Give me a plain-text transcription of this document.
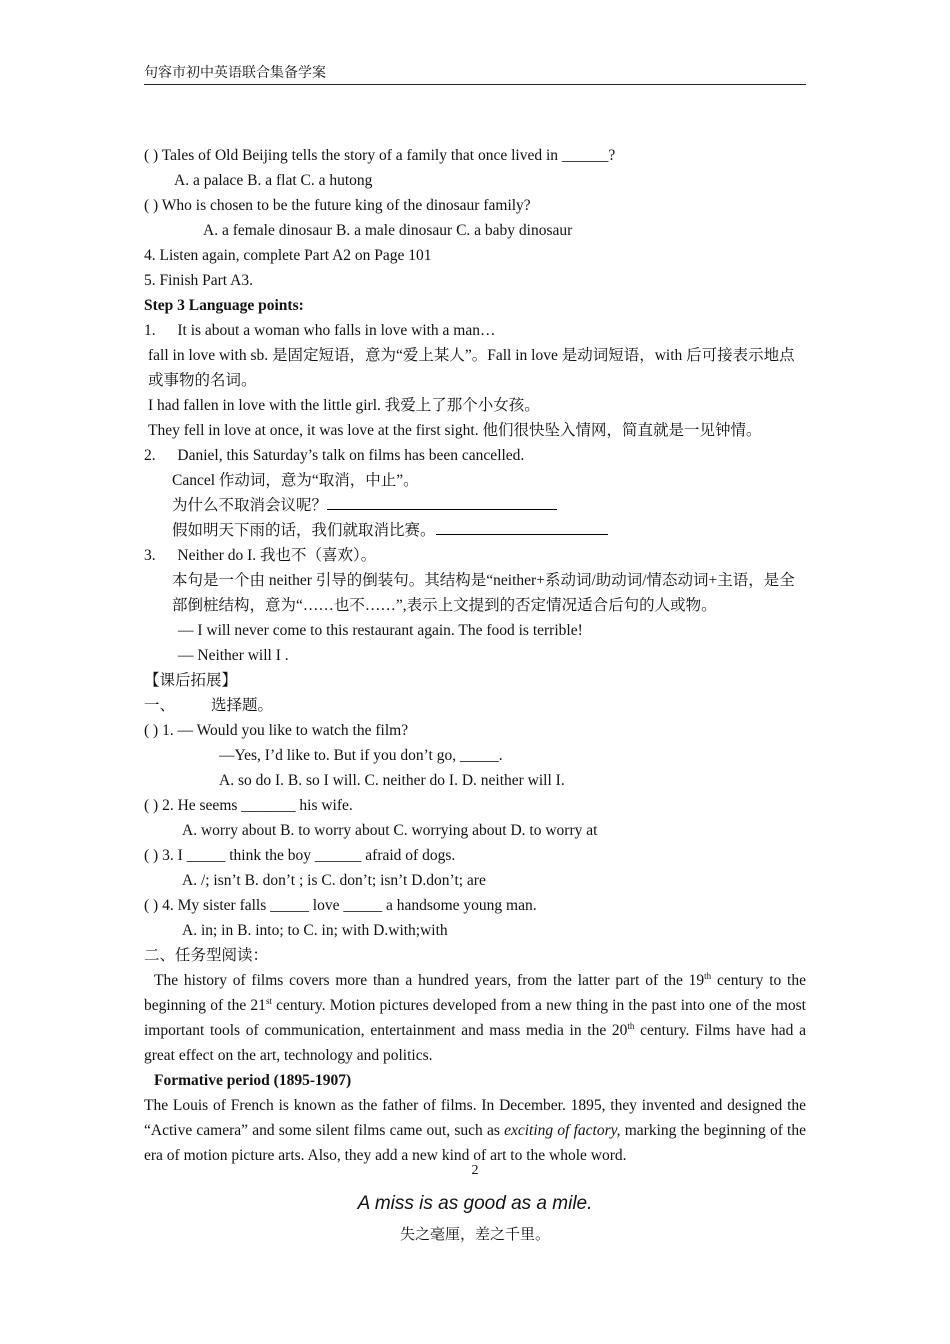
句容市初中英语联合集备学案
( ) Tales of Old Beijing tells the story of a family that once lived in ______?
A. a palace B. a flat C. a hutong
( ) Who is chosen to be the future king of the dinosaur family?
A. a female dinosaur B. a male dinosaur C. a baby dinosaur
4. Listen again, complete Part A2 on Page 101
5. Finish Part A3.
Step 3 Language points:
1. It is about a woman who falls in love with a man…
fall in love with sb. 是固定短语，意为“爱上某人”。Fall in love 是动词短语，with 后可接表示地点或事物的名词。
I had fallen in love with the little girl. 我爱上了那个小女孩。
They fell in love at once, it was love at the first sight. 他们很快坠入情网，简直就是一见钟情。
2. Daniel, this Saturday’s talk on films has been cancelled.
Cancel 作动词，意为“取消，中止”。
为什么不取消会议呢？
假如明天下雨的话，我们就取消比赛。
3. Neither do I. 我也不（喜欢）。
本句是一个由 neither 引导的倒装句。其结构是“neither+系动词/助动词/情态动词+主语，是全部倒桩结构，意为“……也不……”,表示上文提到的否定情况适合后句的人或物。
— I will never come to this restaurant again. The food is terrible!
— Neither will I .
【课后拓展】
一、 选择题。
( ) 1. — Would you like to watch the film?
—Yes, I’d like to. But if you don’t go, _____.
A. so do I. B. so I will. C. neither do I. D. neither will I.
( ) 2. He seems _______ his wife.
A. worry about B. to worry about C. worrying about D. to worry at
( ) 3. I _____ think the boy ______ afraid of dogs.
A. /; isn’t B. don’t ; is C. don’t; isn’t D.don’t; are
( ) 4. My sister falls _____ love _____ a handsome young man.
A. in; in B. into; to C. in; with D.with;with
二、任务型阅读：
The history of films covers more than a hundred years, from the latter part of the 19th century to the beginning of the 21st century. Motion pictures developed from a new thing in the past into one of the most important tools of communication, entertainment and mass media in the 20th century. Films have had a great effect on the art, technology and politics.
Formative period (1895-1907)
The Louis of French is known as the father of films. In December. 1895, they invented and designed the “Active camera” and some silent films came out, such as exciting of factory, marking the beginning of the era of motion picture arts. Also, they add a new kind of art to the whole word.
2
A miss is as good as a mile.
失之毫厘，差之千里。
